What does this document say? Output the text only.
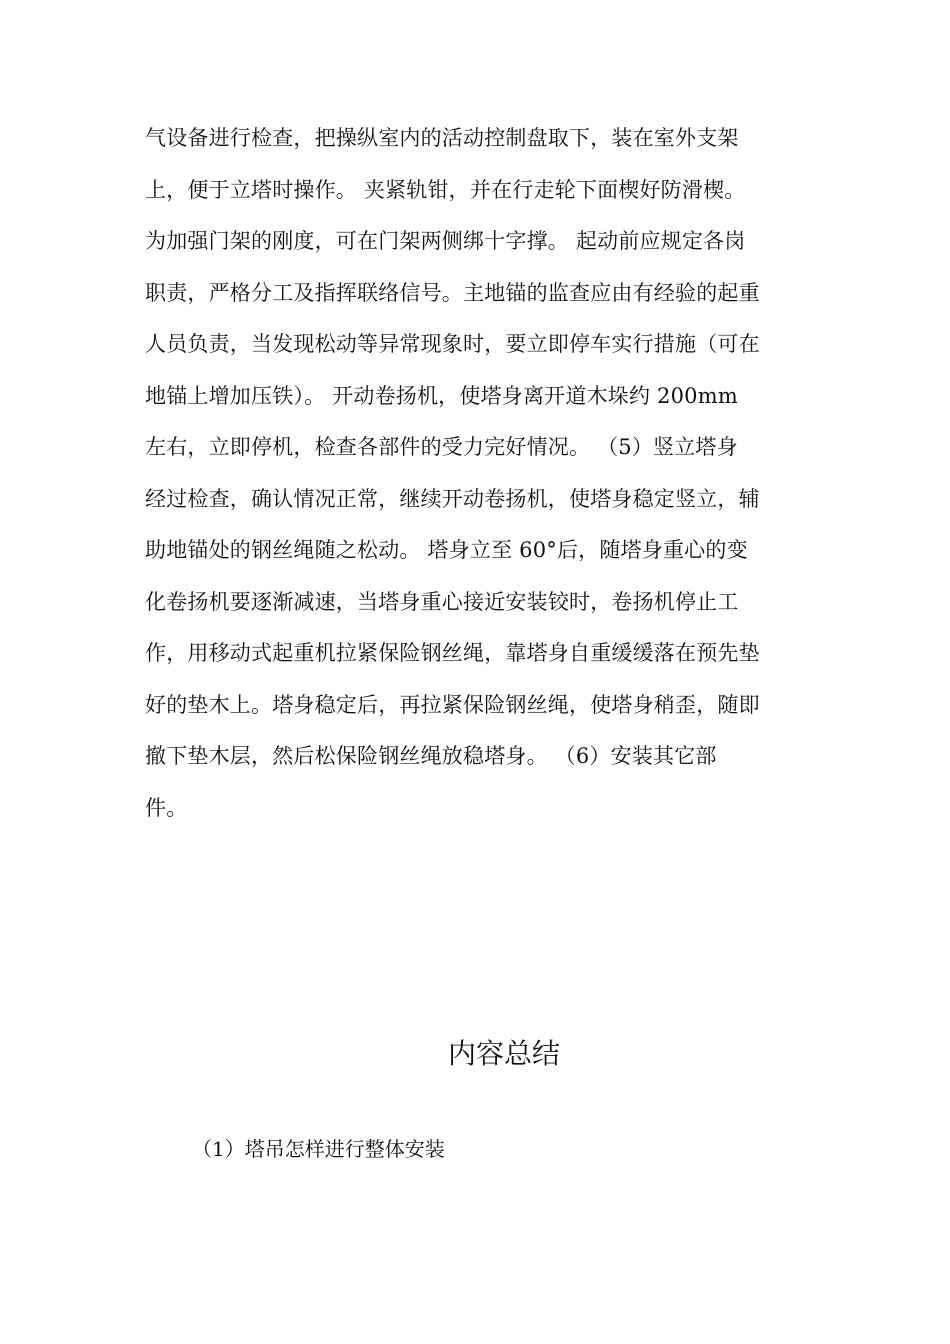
气设备进行检查，把操纵室内的活动控制盘取下，装在室外支架
上，便于立塔时操作。 夹紧轨钳，并在行走轮下面楔好防滑楔。
为加强门架的刚度，可在门架两侧绑十字撑。 起动前应规定各岗
职责，严格分工及指挥联络信号。主地锚的监查应由有经验的起重
人员负责，当发现松动等异常现象时，要立即停车实行措施（可在
地锚上增加压铁）。 开动卷扬机，使塔身离开道木垛约 200mm
左右，立即停机，检查各部件的受力完好情况。 （5）竖立塔身
经过检查，确认情况正常，继续开动卷扬机，使塔身稳定竖立，辅
助地锚处的钢丝绳随之松动。 塔身立至 60°后，随塔身重心的变
化卷扬机要逐渐减速，当塔身重心接近安装铰时，卷扬机停止工
作，用移动式起重机拉紧保险钢丝绳，靠塔身自重缓缓落在预先垫
好的垫木上。塔身稳定后，再拉紧保险钢丝绳，使塔身稍歪，随即
撤下垫木层，然后松保险钢丝绳放稳塔身。 （6）安装其它部
件。
内容总结
（1）塔吊怎样进行整体安装
